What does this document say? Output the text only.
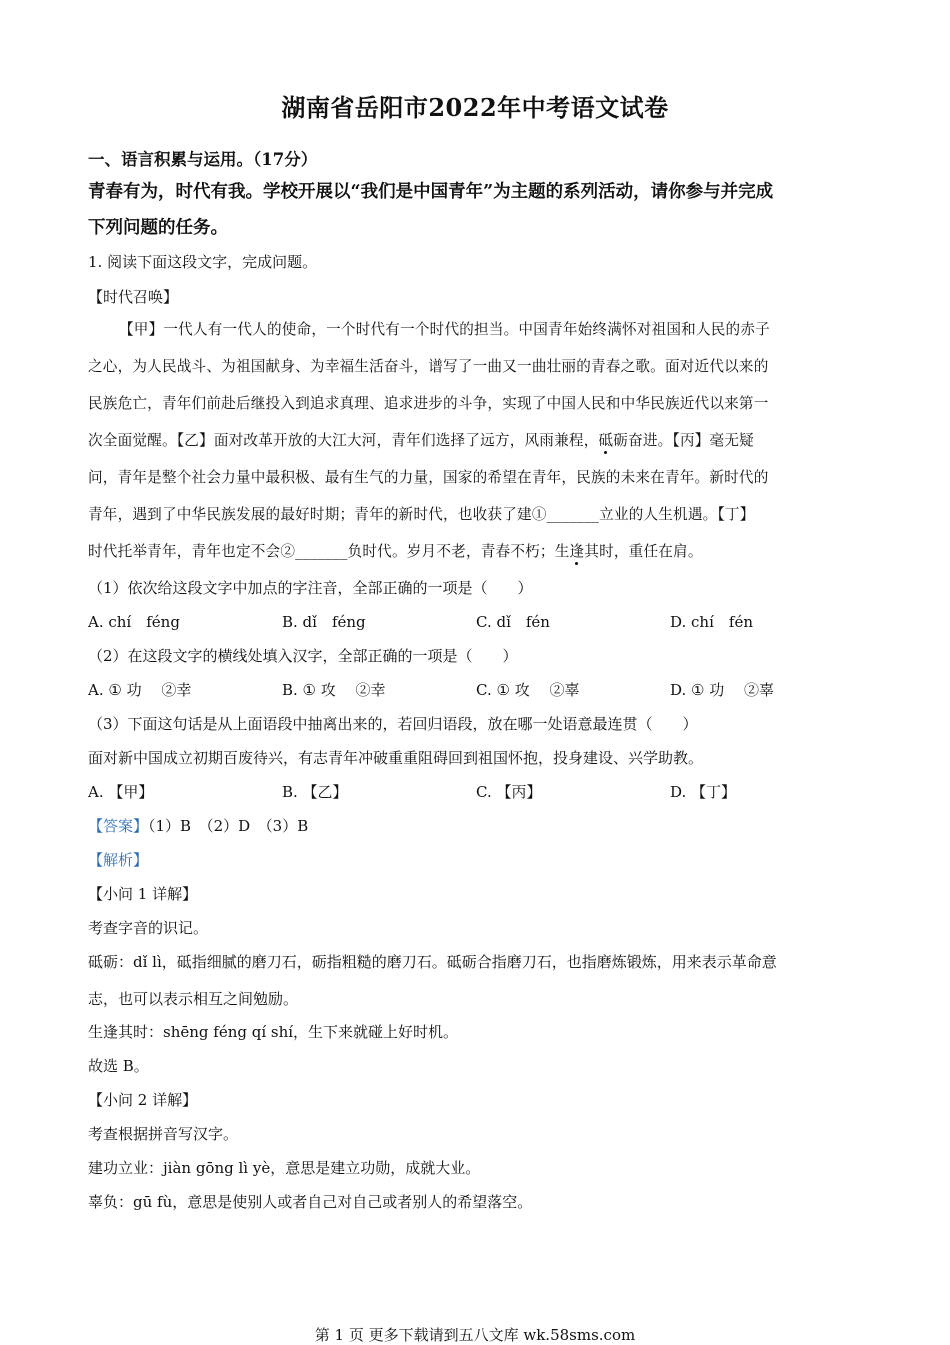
湖南省岳阳市2022年中考语文试卷
一、语言积累与运用。（17分）
青春有为，时代有我。学校开展以“我们是中国青年”为主题的系列活动，请你参与并完成
下列问题的任务。
1. 阅读下面这段文字，完成问题。
【时代召唤】
【甲】一代人有一代人的使命，一个时代有一个时代的担当。中国青年始终满怀对祖国和人民的赤子
之心，为人民战斗、为祖国献身、为幸福生活奋斗，谱写了一曲又一曲壮丽的青春之歌。面对近代以来的
民族危亡，青年们前赴后继投入到追求真理、追求进步的斗争，实现了中国人民和中华民族近代以来第一
次全面觉醒。【乙】面对改革开放的大江大河，青年们选择了远方，风雨兼程，砥砺奋进。【丙】毫无疑
问，青年是整个社会力量中最积极、最有生气的力量，国家的希望在青年，民族的未来在青年。新时代的
青年，遇到了中华民族发展的最好时期；青年的新时代，也收获了建①_______立业的人生机遇。【丁】
时代托举青年，青年也定不会②_______负时代。岁月不老，青春不朽；生逢其时，重任在肩。
（1）依次给这段文字中加点的字注音，全部正确的一项是（　　）
A. chí　féng	B. dǐ　féng	C. dǐ　fén	D. chí　fén
（2）在这段文字的横线处填入汉字，全部正确的一项是（　　）
A. ① 功　 ②幸	B. ① 攻　 ②幸	C. ① 攻　 ②辜	D. ① 功　 ②辜
（3）下面这句话是从上面语段中抽离出来的，若回归语段，放在哪一处语意最连贯（　　）
面对新中国成立初期百废待兴，有志青年冲破重重阻碍回到祖国怀抱，投身建设、兴学助教。
A. 【甲】	B. 【乙】	C. 【丙】	D. 【丁】
【答案】（1）B　（2）D　（3）B
【解析】
【小问 1 详解】
考查字音的识记。
砥砺：dǐ lì，砥指细腻的磨刀石，砺指粗糙的磨刀石。砥砺合指磨刀石，也指磨炼锻炼，用来表示革命意
志，也可以表示相互之间勉励。
生逢其时：shēng féng qí shí，生下来就碰上好时机。
故选 B。
【小问 2 详解】
考查根据拼音写汉字。
建功立业：jiàn gōng lì yè，意思是建立功勋，成就大业。
辜负：gū fù，意思是使别人或者自己对自己或者别人的希望落空。
第 1 页 更多下载请到五八文库 wk.58sms.com
